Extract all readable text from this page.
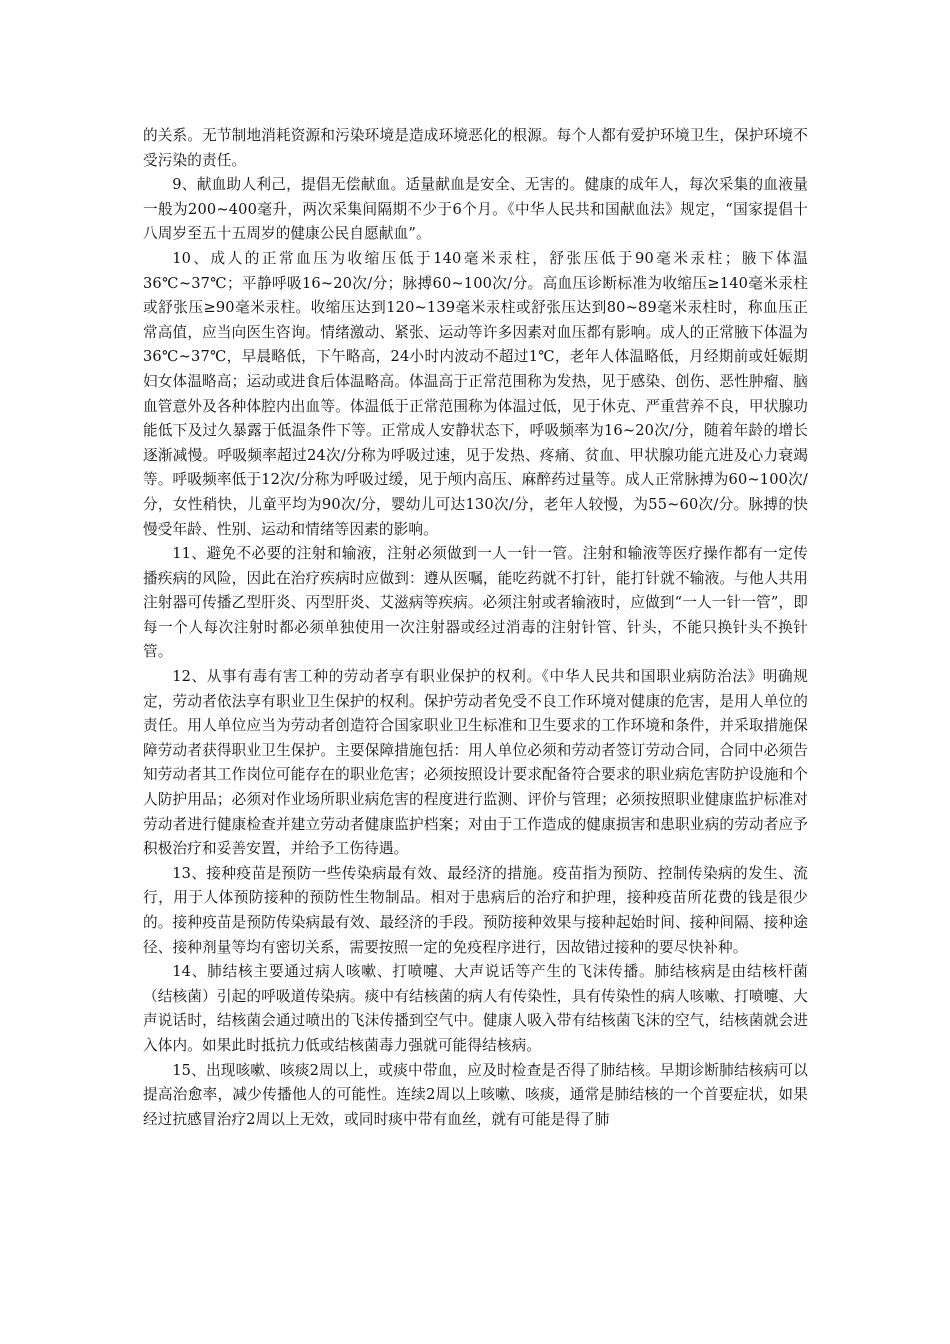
的关系。无节制地消耗资源和污染环境是造成环境恶化的根源。每个人都有爱护环境卫生，保护环境不受污染的责任。

9、献血助人利己，提倡无偿献血。适量献血是安全、无害的。健康的成年人，每次采集的血液量一般为200~400毫升，两次采集间隔期不少于6个月。《中华人民共和国献血法》规定，“国家提倡十八周岁至五十五周岁的健康公民自愿献血”。

10、成人的正常血压为收缩压低于140毫米汞柱，舒张压低于90毫米汞柱；腋下体温36℃~37℃；平静呼吸16~20次/分；脉搏60~100次/分。高血压诊断标准为收缩压≥140毫米汞柱或舒张压≥90毫米汞柱。收缩压达到120~139毫米汞柱或舒张压达到80~89毫米汞柱时，称血压正常高值，应当向医生咨询。情绪激动、紧张、运动等许多因素对血压都有影响。成人的正常腋下体温为36℃~37℃，早晨略低，下午略高，24小时内波动不超过1℃，老年人体温略低，月经期前或妊娠期妇女体温略高；运动或进食后体温略高。体温高于正常范围称为发热，见于感染、创伤、恶性肿瘤、脑血管意外及各种体腔内出血等。体温低于正常范围称为体温过低，见于休克、严重营养不良，甲状腺功能低下及过久暴露于低温条件下等。正常成人安静状态下，呼吸频率为16~20次/分，随着年龄的增长逐渐减慢。呼吸频率超过24次/分称为呼吸过速，见于发热、疼痛、贫血、甲状腺功能亢进及心力衰竭等。呼吸频率低于12次/分称为呼吸过缓，见于颅内高压、麻醉药过量等。成人正常脉搏为60~100次/分，女性稍快，儿童平均为90次/分，婴幼儿可达130次/分，老年人较慢，为55~60次/分。脉搏的快慢受年龄、性别、运动和情绪等因素的影响。

11、避免不必要的注射和输液，注射必须做到一人一针一管。注射和输液等医疗操作都有一定传播疾病的风险，因此在治疗疾病时应做到：遵从医嘱，能吃药就不打针，能打针就不输液。与他人共用注射器可传播乙型肝炎、丙型肝炎、艾滋病等疾病。必须注射或者输液时，应做到“一人一针一管”，即每一个人每次注射时都必须单独使用一次注射器或经过消毒的注射针管、针头，不能只换针头不换针管。

12、从事有毒有害工种的劳动者享有职业保护的权利。《中华人民共和国职业病防治法》明确规定，劳动者依法享有职业卫生保护的权利。保护劳动者免受不良工作环境对健康的危害，是用人单位的责任。用人单位应当为劳动者创造符合国家职业卫生标准和卫生要求的工作环境和条件，并采取措施保障劳动者获得职业卫生保护。主要保障措施包括：用人单位必须和劳动者签订劳动合同，合同中必须告知劳动者其工作岗位可能存在的职业危害；必须按照设计要求配备符合要求的职业病危害防护设施和个人防护用品；必须对作业场所职业病危害的程度进行监测、评价与管理；必须按照职业健康监护标准对劳动者进行健康检查并建立劳动者健康监护档案；对由于工作造成的健康损害和患职业病的劳动者应予积极治疗和妥善安置，并给予工伤待遇。

13、接种疫苗是预防一些传染病最有效、最经济的措施。疫苗指为预防、控制传染病的发生、流行，用于人体预防接种的预防性生物制品。相对于患病后的治疗和护理，接种疫苗所花费的钱是很少的。接种疫苗是预防传染病最有效、最经济的手段。预防接种效果与接种起始时间、接种间隔、接种途径、接种剂量等均有密切关系，需要按照一定的免疫程序进行，因故错过接种的要尽快补种。

14、肺结核主要通过病人咳嗽、打喷嚏、大声说话等产生的飞沫传播。肺结核病是由结核杆菌（结核菌）引起的呼吸道传染病。痰中有结核菌的病人有传染性，具有传染性的病人咳嗽、打喷嚏、大声说话时，结核菌会通过喷出的飞沫传播到空气中。健康人吸入带有结核菌飞沫的空气，结核菌就会进入体内。如果此时抵抗力低或结核菌毒力强就可能得结核病。

15、出现咳嗽、咳痰2周以上，或痰中带血，应及时检查是否得了肺结核。早期诊断肺结核病可以提高治愈率，减少传播他人的可能性。连续2周以上咳嗽、咳痰，通常是肺结核的一个首要症状，如果经过抗感冒治疗2周以上无效，或同时痰中带有血丝，就有可能是得了肺
